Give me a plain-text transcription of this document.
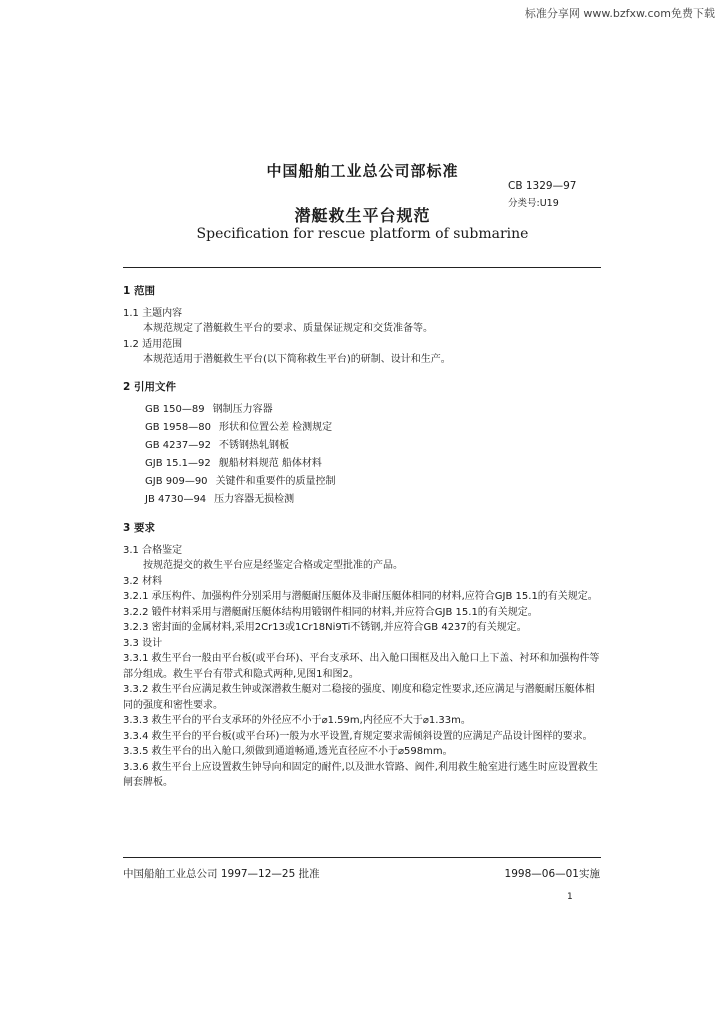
标准分享网 www.bzfxw.com免费下载
中国船舶工业总公司部标准
CB 1329—97
分类号:U19
潜艇救生平台规范
Specification for rescue platform of submarine

1 范围

1.1 主题内容

本规范规定了潜艇救生平台的要求、质量保证规定和交货准备等。

1.2 适用范围

本规范适用于潜艇救生平台(以下简称救生平台)的研制、设计和生产。

2 引用文件

GB 150—89 钢制压力容器
GB 1958—80 形状和位置公差 检测规定
GB 4237—92 不锈钢热轧钢板
GJB 15.1—92 舰船材料规范 船体材料
GJB 909—90 关键件和重要件的质量控制
JB 4730—94 压力容器无损检测

3 要求

3.1 合格鉴定

按规范提交的救生平台应是经鉴定合格或定型批准的产品。

3.2 材料

3.2.1 承压构件、加强构件分别采用与潜艇耐压艇体及非耐压艇体相同的材料,应符合GJB 15.1的有关规定。

3.2.2 锻件材料采用与潜艇耐压艇体结构用锻钢件相同的材料,并应符合GJB 15.1的有关规定。

3.2.3 密封面的金属材料,采用2Cr13或1Cr18Ni9Ti不锈钢,并应符合GB 4237的有关规定。

3.3 设计

3.3.1 救生平台一般由平台板(或平台环)、平台支承环、出入舱口围框及出入舱口上下盖、衬环和加强构件等部分组成。救生平台有带式和隐式两种,见图1和图2。

3.3.2 救生平台应满足救生钟或深潜救生艇对二稳接的强度、刚度和稳定性要求,还应满足与潜艇耐压艇体相同的强度和密性要求。

3.3.3 救生平台的平台支承环的外径应不小于⌀1.59m,内径应不大于⌀1.33m。

3.3.4 救生平台的平台板(或平台环)一般为水平设置,育规定要求需倾斜设置的应满足产品设计图样的要求。

3.3.5 救生平台的出入舱口,须做到通道畅通,透光直径应不小于⌀598mm。

3.3.6 救生平台上应设置救生钟导向和固定的耐件,以及泄水管路、阀件,利用救生舱室进行逃生时应设置救生闸套牌板。

中国船舶工业总公司 1997—12—25 批准	1998—06—01实施
1
